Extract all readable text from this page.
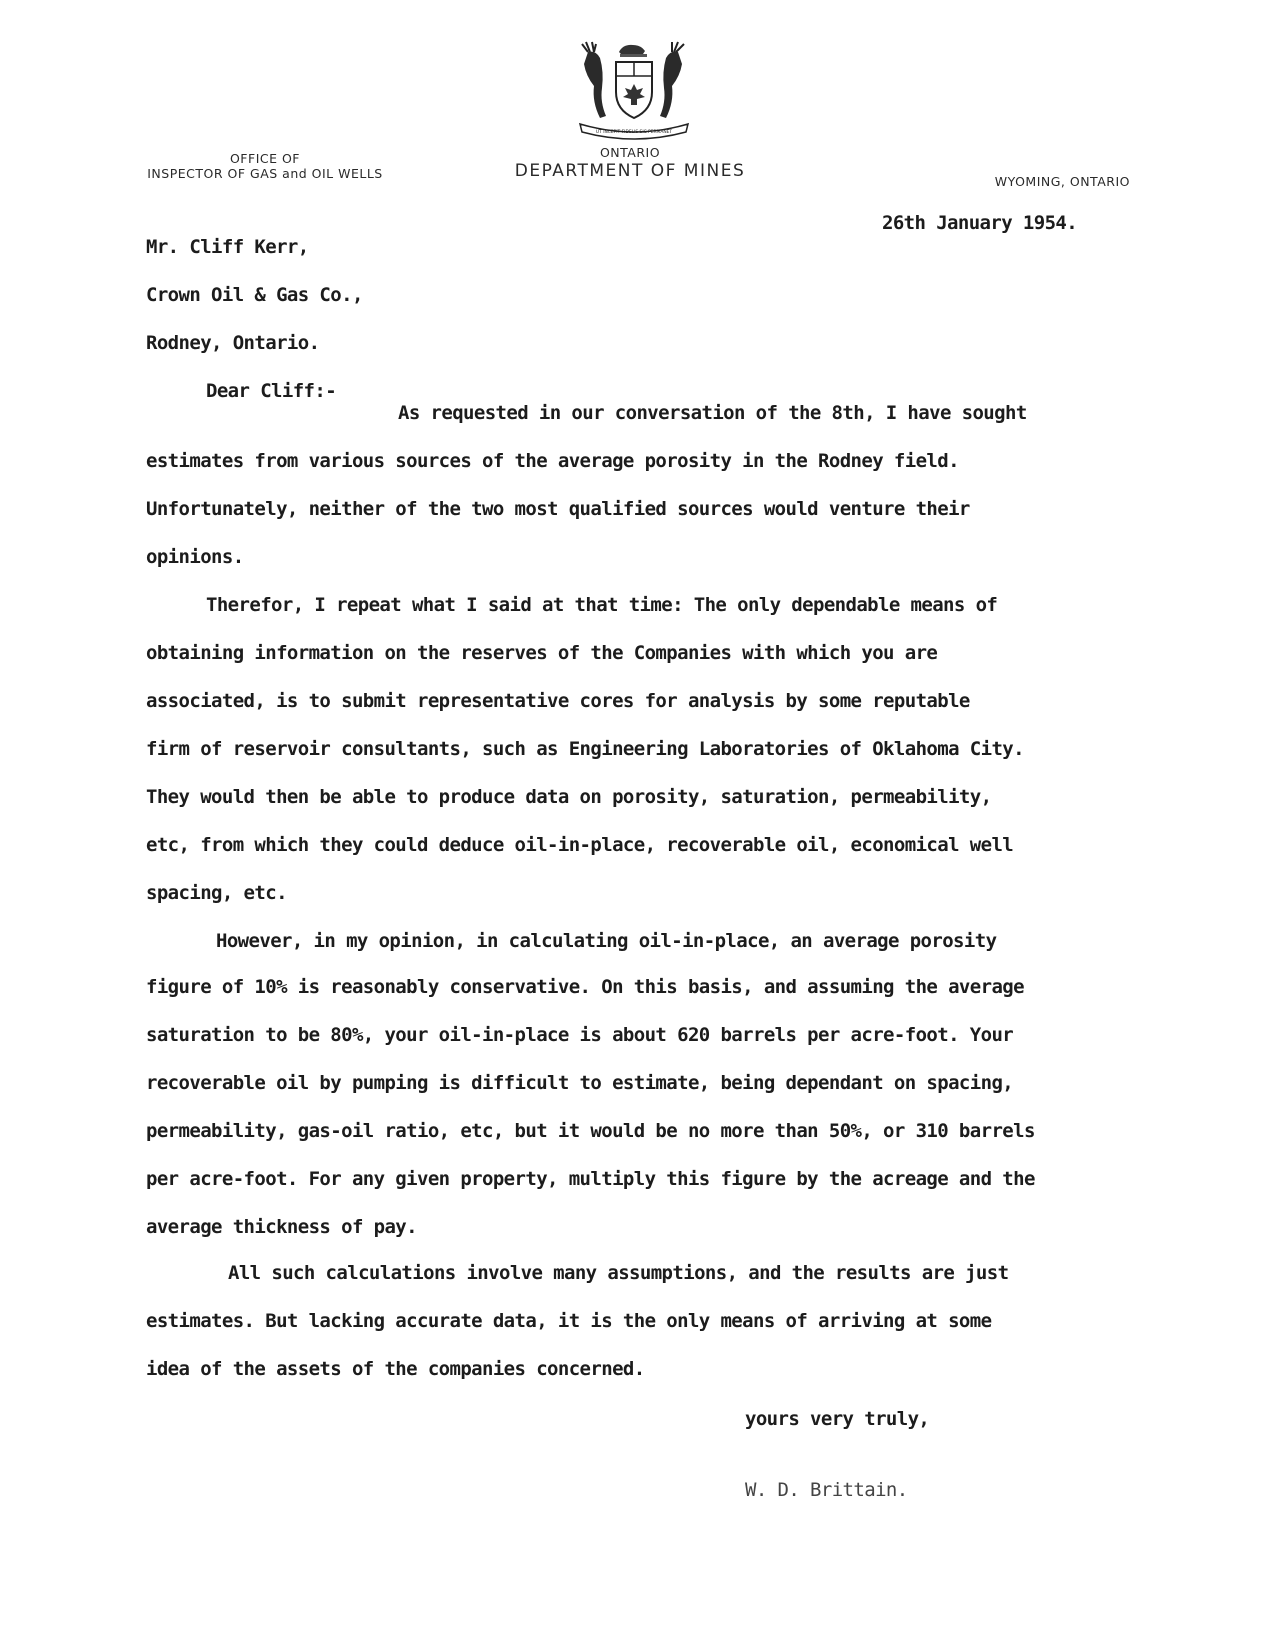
UT INCEPIT FIDELIS SIC PERMANET
OFFICE OF
INSPECTOR OF GAS and OIL WELLS
ONTARIO
DEPARTMENT OF MINES
WYOMING, ONTARIO
26th January 1954.
Mr. Cliff Kerr,
Crown Oil & Gas Co.,
Rodney, Ontario.
Dear Cliff:-
As requested in our conversation of the 8th, I have sought
estimates from various sources of the average porosity in the Rodney field.
Unfortunately, neither of the two most qualified sources would venture their
opinions.
Therefor, I repeat what I said at that time: The only dependable means of
obtaining information on the reserves of the Companies with which you are
associated, is to submit representative cores for analysis by some reputable
firm of reservoir consultants, such as Engineering Laboratories of Oklahoma City.
They would then be able to produce data on porosity, saturation, permeability,
etc, from which they could deduce oil-in-place, recoverable oil, economical well
spacing, etc.
However, in my opinion, in calculating oil-in-place, an average porosity
figure of 10% is reasonably conservative. On this basis, and assuming the average
saturation to be 80%, your oil-in-place is about 620 barrels per acre-foot. Your
recoverable oil by pumping is difficult to estimate, being dependant on spacing,
permeability, gas-oil ratio, etc, but it would be no more than 50%, or 310 barrels
per acre-foot. For any given property, multiply this figure by the acreage and the
average thickness of pay.
All such calculations involve many assumptions, and the results are just
estimates. But lacking accurate data, it is the only means of arriving at some
idea of the assets of the companies concerned.
yours very truly,
W. D. Brittain.
